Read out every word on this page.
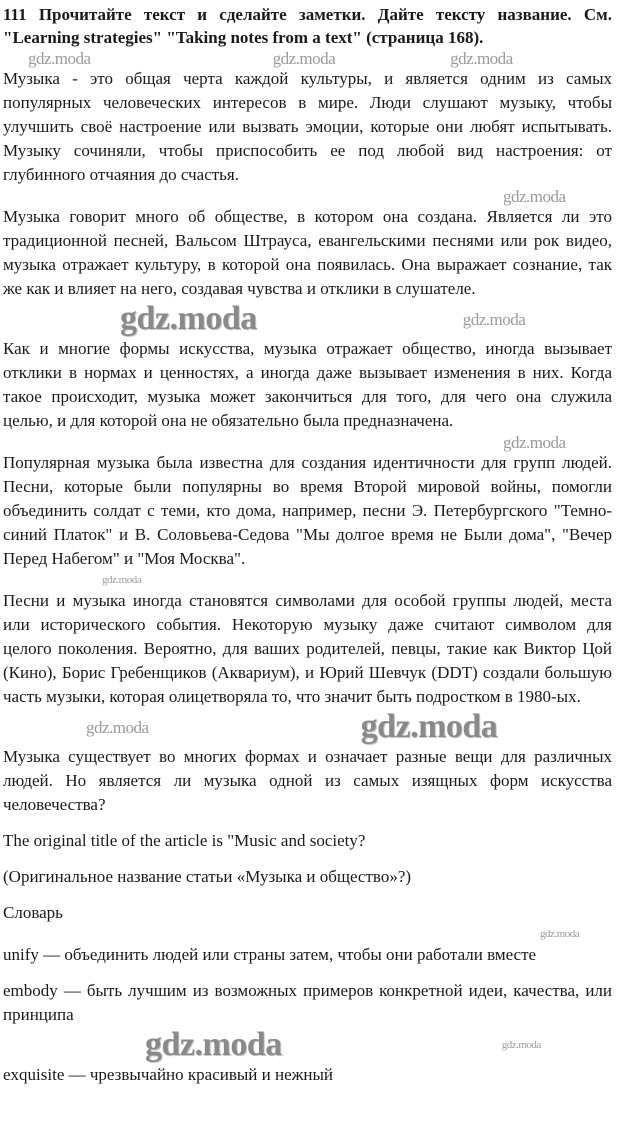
111 Прочитайте текст и сделайте заметки. Дайте тексту название. См. "Learning strategies" "Taking notes from a text" (страница 168).

gdz.moda	gdz.moda	gdz.moda

Музыка - это общая черта каждой культуры, и является одним из самых популярных человеческих интересов в мире. Люди слушают музыку, чтобы улучшить своё настроение или вызвать эмоции, которые они любят испытывать. Музыку сочиняли, чтобы приспособить ее под любой вид настроения: от глубинного отчаяния до счастья.

gdz.moda

Музыка говорит много об обществе, в котором она создана. Является ли это традиционной песней, Вальсом Штрауса, евангельскими песнями или рок видео, музыка отражает культуру, в которой она появилась. Она выражает сознание, так же как и влияет на него, создавая чувства и отклики в слушателе.

gdz.moda	gdz.moda

Как и многие формы искусства, музыка отражает общество, иногда вызывает отклики в нормах и ценностях, а иногда даже вызывает изменения в них. Когда такое происходит, музыка может закончиться для того, для чего она служила целью, и для которой она не обязательно была предназначена.

gdz.moda

Популярная музыка была известна для создания идентичности для групп людей. Песни, которые были популярны во время Второй мировой войны, помогли объединить солдат с теми, кто дома, например, песни Э. Петербургского "Темно-синий Платок" и В. Соловьева-Седова "Мы долгое время не Были дома", "Вечер Перед Набегом" и "Моя Москва".

gdz.moda

Песни и музыка иногда становятся символами для особой группы людей, места или исторического события. Некоторую музыку даже считают символом для целого поколения. Вероятно, для ваших родителей, певцы, такие как Виктор Цой (Кино), Борис Гребенщиков (Аквариум), и Юрий Шевчук (DDT) создали большую часть музыки, которая олицетворяла то, что значит быть подростком в 1980-ых.

gdz.moda	gdz.moda

Музыка существует во многих формах и означает разные вещи для различных людей. Но является ли музыка одной из самых изящных форм искусства человечества?

The original title of the article is "Music and society?

(Оригинальное название статьи «Музыка и общество»?)

Словарь

gdz.moda

unify — объединить людей или страны затем, чтобы они работали вместе

embody — быть лучшим из возможных примеров конкретной идеи, качества, или принципа

gdz.moda	gdz.moda

exquisite — чрезвычайно красивый и нежный
